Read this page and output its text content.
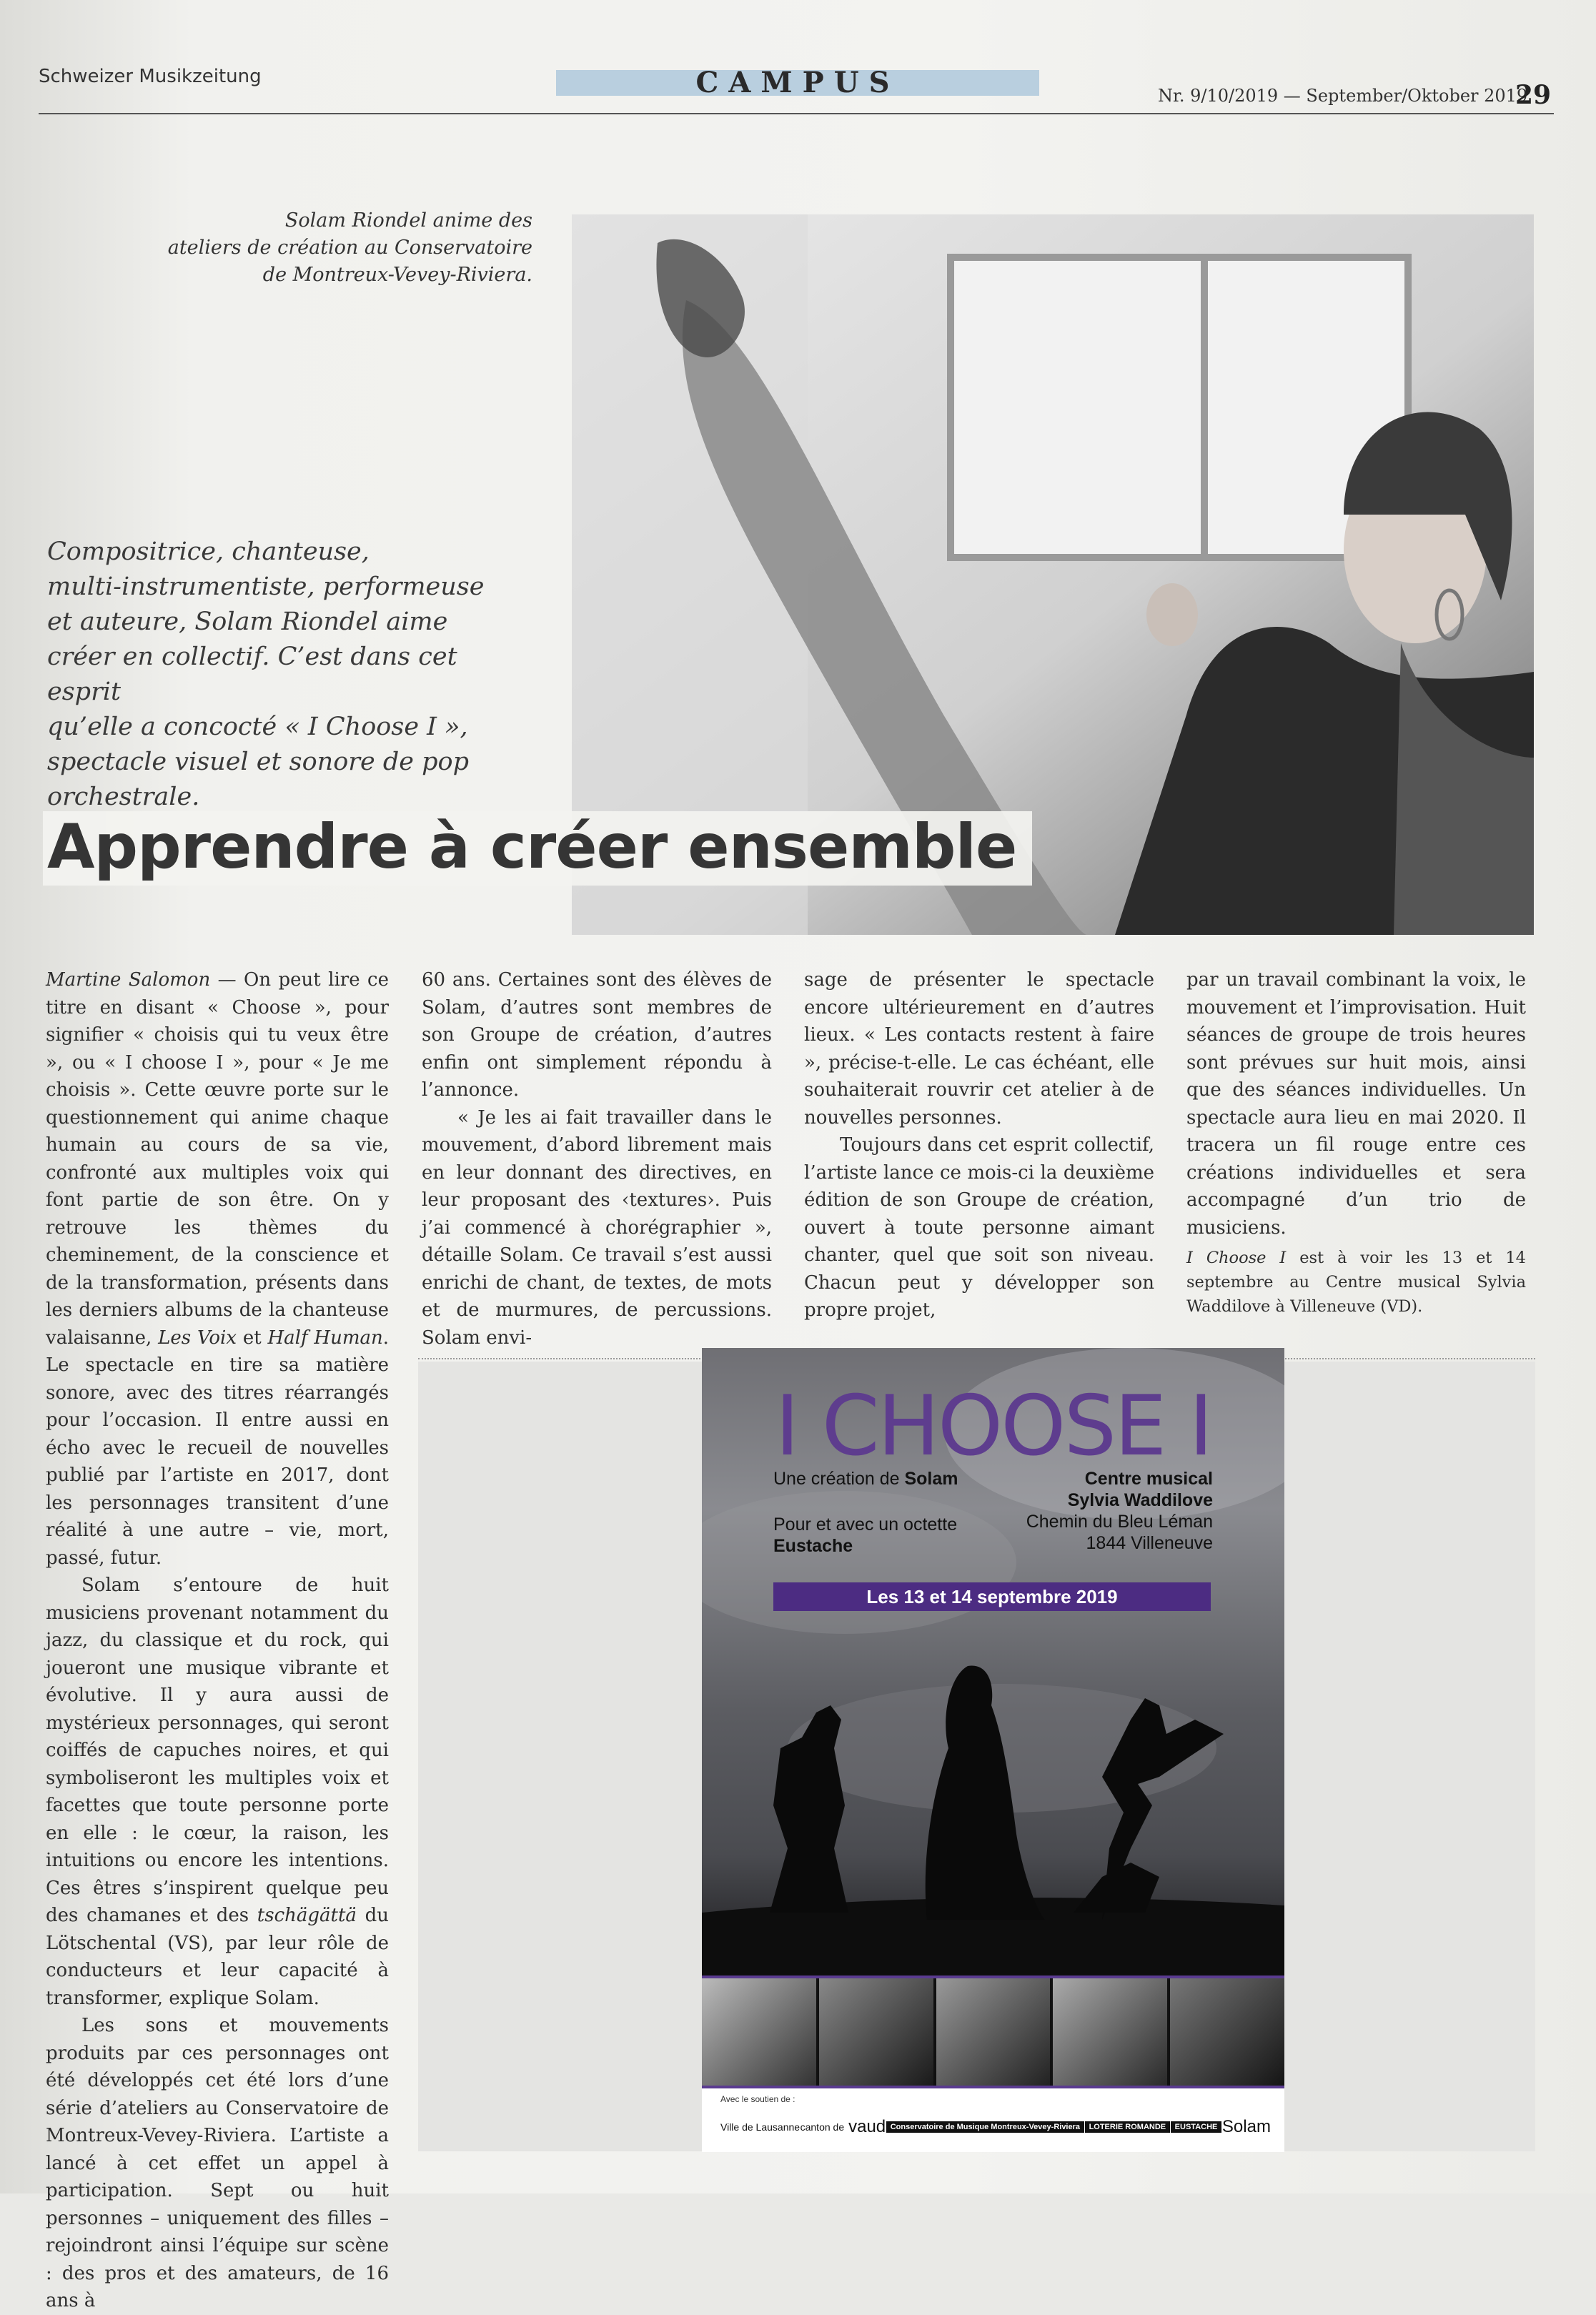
Schweizer Musikzeitung	CAMPUS	Nr. 9/10/2019 — September/Oktober 2019
29
Solam Riondel anime des
ateliers de création au Conservatoire
de Montreux-Vevey-Riviera.
Compositrice, chanteuse,
multi-instrumentiste, performeuse
et auteure, Solam Riondel aime
créer en collectif. C’est dans cet esprit
qu’elle a concocté « I Choose I »,
spectacle visuel et sonore de pop
orchestrale.
Apprendre à créer ensemble

Martine Salomon — On peut lire ce titre en disant « Choose », pour signifier « choisis qui tu veux être », ou « I choose I », pour « Je me choisis ». Cette œuvre porte sur le questionnement qui anime chaque humain au cours de sa vie, confronté aux multiples voix qui font partie de son être. On y retrouve les thèmes du cheminement, de la conscience et de la transformation, présents dans les derniers albums de la chanteuse valaisanne, Les Voix et Half Human. Le spectacle en tire sa matière sonore, avec des titres réarrangés pour l’occasion. Il entre aussi en écho avec le recueil de nouvelles publié par l’artiste en 2017, dont les personnages transitent d’une réalité à une autre – vie, mort, passé, futur.

Solam s’entoure de huit musiciens provenant notamment du jazz, du classique et du rock, qui joueront une musique vibrante et évolutive. Il y aura aussi de mystérieux personnages, qui seront coiffés de capuches noires, et qui symboliseront les multiples voix et facettes que toute personne porte en elle : le cœur, la raison, les intuitions ou encore les intentions. Ces êtres s’inspirent quelque peu des chamanes et des tschägättä du Lötschental (VS), par leur rôle de conducteurs et leur capacité à transformer, explique Solam.

Les sons et mouvements produits par ces personnages ont été développés cet été lors d’une série d’ateliers au Conservatoire de Montreux-Vevey-Riviera. L’artiste a lancé à cet effet un appel à participation. Sept ou huit personnes – uniquement des filles – rejoindront ainsi l’équipe sur scène : des pros et des amateurs, de 16 ans à

60 ans. Certaines sont des élèves de Solam, d’autres sont membres de son Groupe de création, d’autres enfin ont simplement répondu à l’annonce.

« Je les ai fait travailler dans le mouvement, d’abord librement mais en leur donnant des directives, en leur proposant des ‹textures›. Puis j’ai commencé à chorégraphier », détaille Solam. Ce travail s’est aussi enrichi de chant, de textes, de mots et de murmures, de percussions. Solam envi-

sage de présenter le spectacle encore ultérieurement en d’autres lieux. « Les contacts restent à faire », précise-t-elle. Le cas échéant, elle souhaiterait rouvrir cet atelier à de nouvelles personnes.

Toujours dans cet esprit collectif, l’artiste lance ce mois-ci la deuxième édition de son Groupe de création, ouvert à toute personne aimant chanter, quel que soit son niveau. Chacun peut y développer son propre projet,

par un travail combinant la voix, le mouvement et l’improvisation. Huit séances de groupe de trois heures sont prévues sur huit mois, ainsi que des séances individuelles. Un spectacle aura lieu en mai 2020. Il tracera un fil rouge entre ces créations individuelles et sera accompagné d’un trio de musiciens.

I Choose I est à voir les 13 et 14 septembre au Centre musical Sylvia Waddilove à Villeneuve (VD).

I CHOOSE I
Une création de Solam
Pour et avec un octette
Eustache
Centre musical
Sylvia Waddilove
Chemin du Bleu Léman
1844 Villeneuve
Les 13 et 14 septembre 2019
Avec le soutien de :
Ville de Lausanne canton de vaud Conservatoire de Musique Montreux-Vevey-Riviera	LOTERIE ROMANDE	EUSTACHE Solam
